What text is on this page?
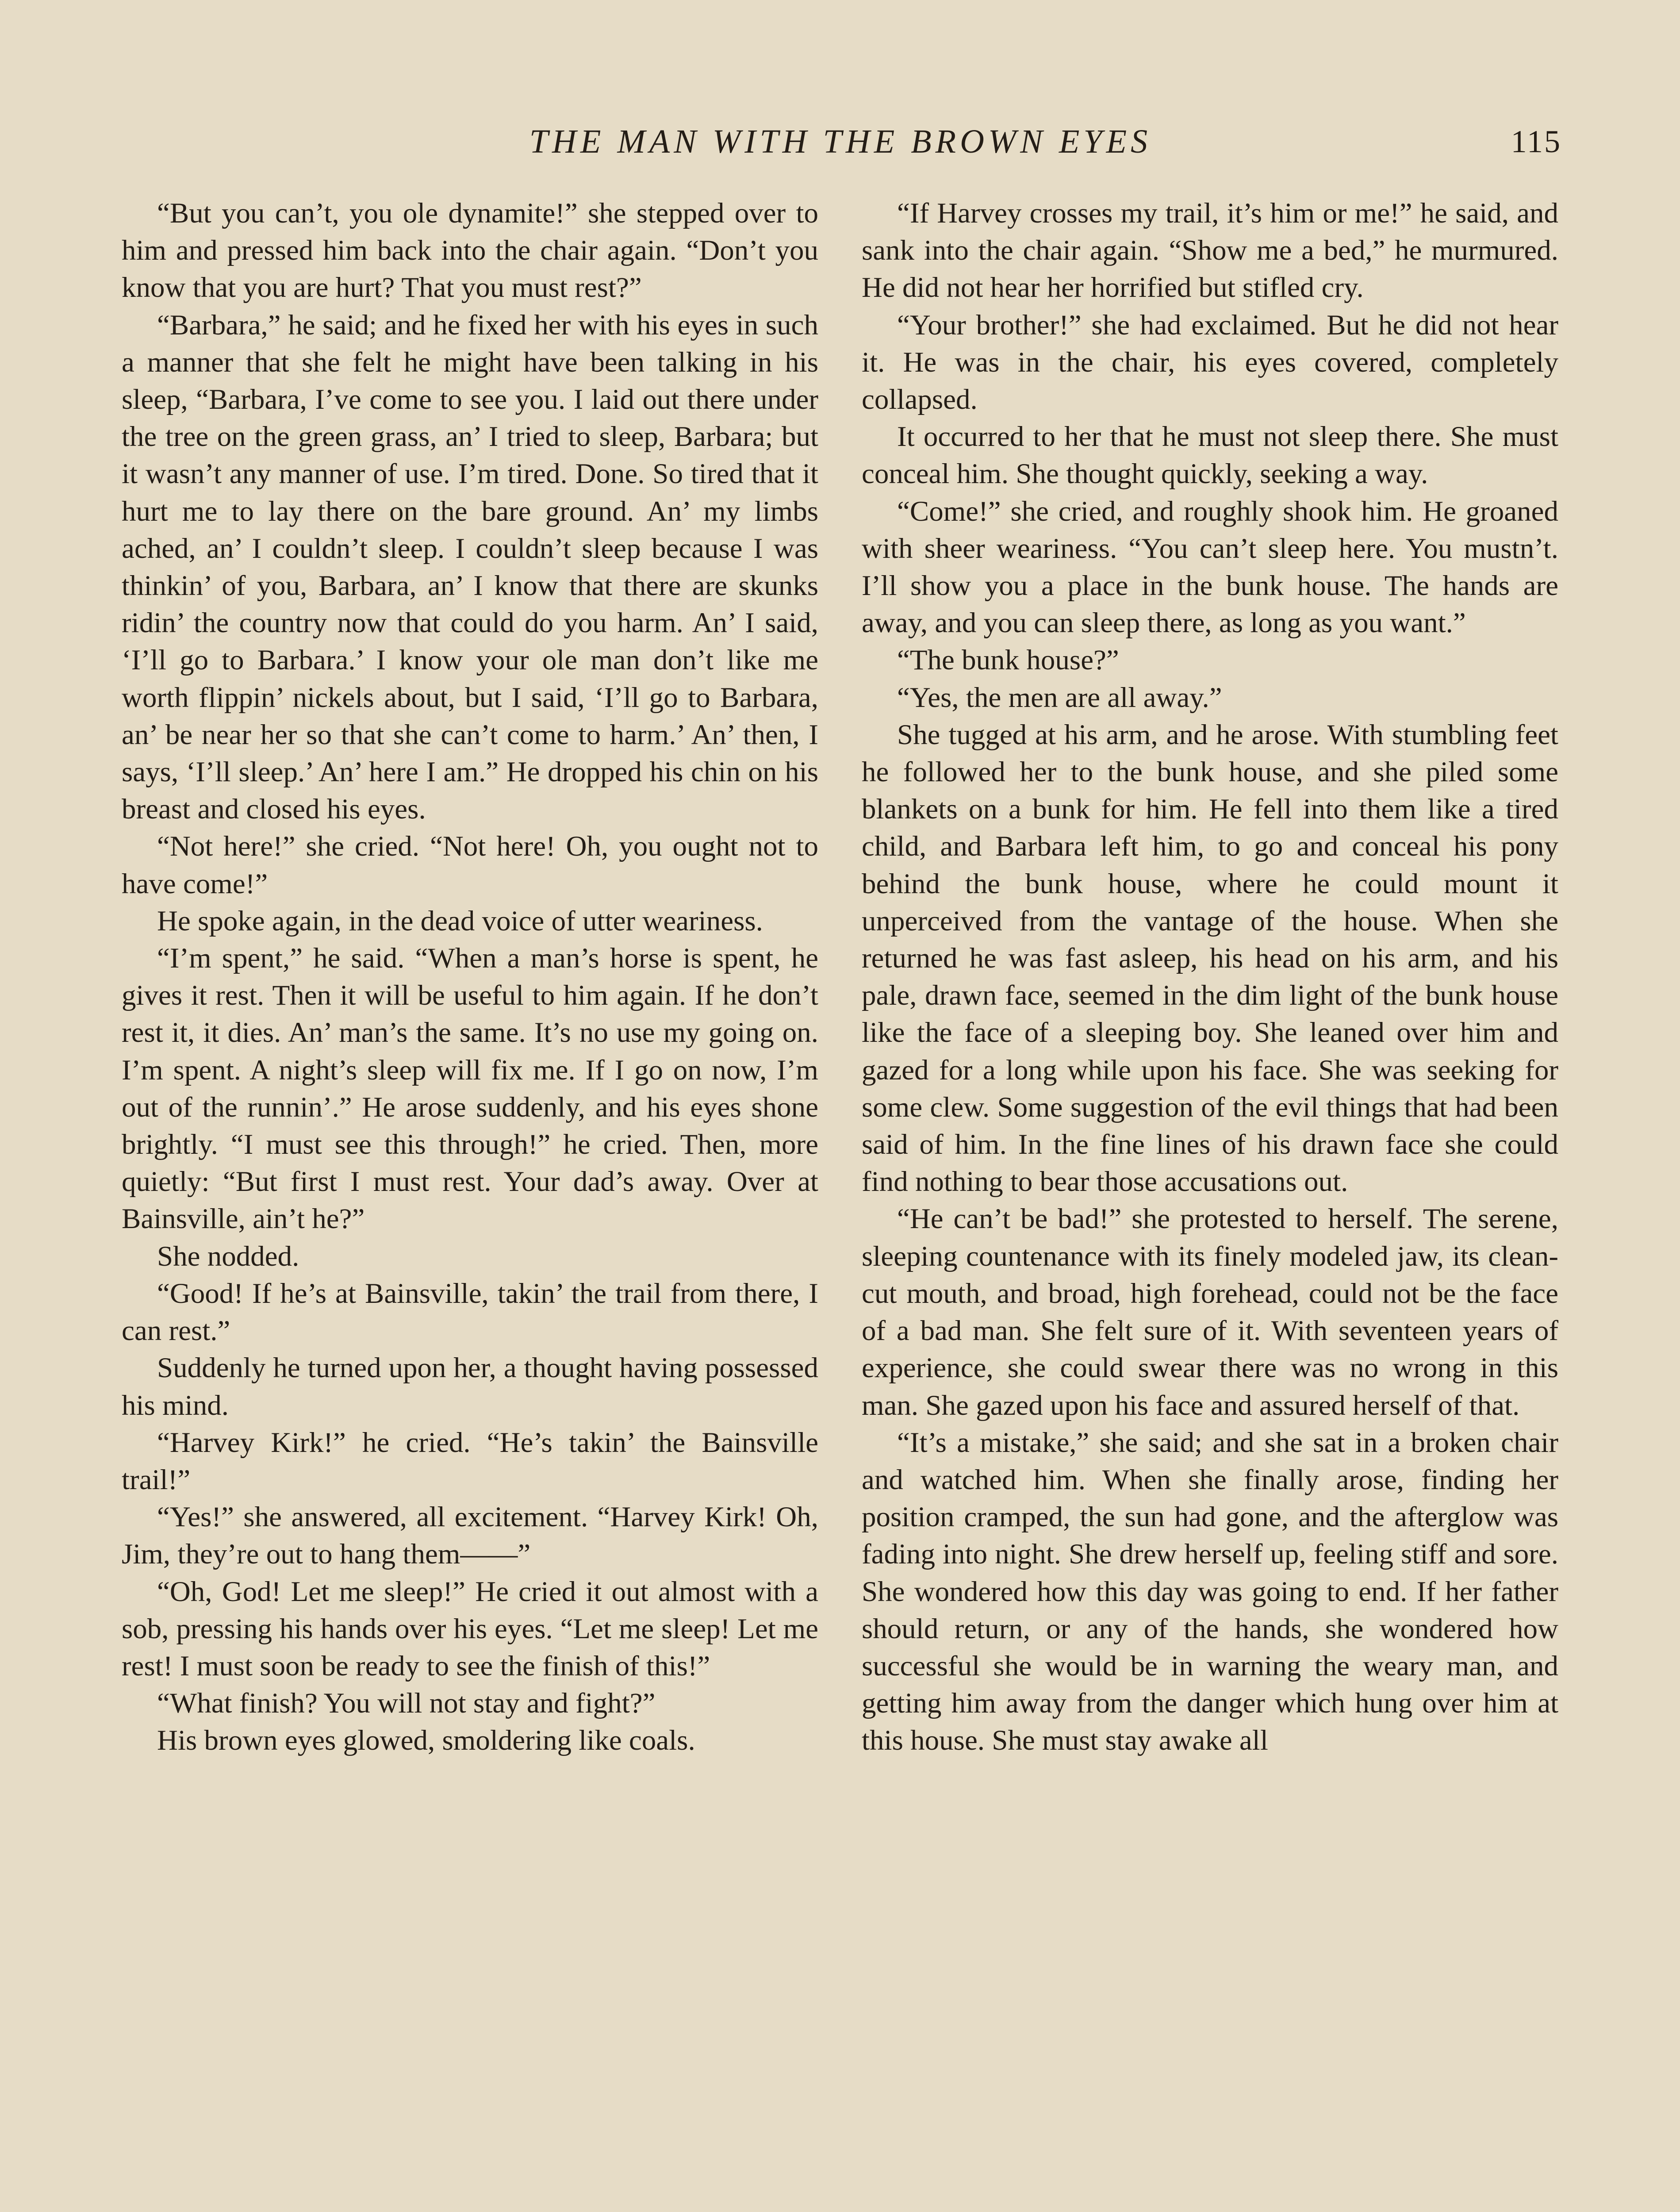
THE MAN WITH THE BROWN EYES	115

“But you can’t, you ole dynamite!” she stepped over to him and pressed him back into the chair again. “Don’t you know that you are hurt? That you must rest?”

“Barbara,” he said; and he fixed her with his eyes in such a manner that she felt he might have been talking in his sleep, “Barbara, I’ve come to see you. I laid out there under the tree on the green grass, an’ I tried to sleep, Barbara; but it wasn’t any manner of use. I’m tired. Done. So tired that it hurt me to lay there on the bare ground. An’ my limbs ached, an’ I couldn’t sleep. I couldn’t sleep because I was thinkin’ of you, Barbara, an’ I know that there are skunks ridin’ the country now that could do you harm. An’ I said, ‘I’ll go to Barbara.’ I know your ole man don’t like me worth flippin’ nickels about, but I said, ‘I’ll go to Barbara, an’ be near her so that she can’t come to harm.’ An’ then, I says, ‘I’ll sleep.’ An’ here I am.” He dropped his chin on his breast and closed his eyes.

“Not here!” she cried. “Not here! Oh, you ought not to have come!”

He spoke again, in the dead voice of utter weariness.

“I’m spent,” he said. “When a man’s horse is spent, he gives it rest. Then it will be useful to him again. If he don’t rest it, it dies. An’ man’s the same. It’s no use my going on. I’m spent. A night’s sleep will fix me. If I go on now, I’m out of the runnin’.” He arose suddenly, and his eyes shone brightly. “I must see this through!” he cried. Then, more quietly: “But first I must rest. Your dad’s away. Over at Bainsville, ain’t he?”

She nodded.

“Good! If he’s at Bainsville, takin’ the trail from there, I can rest.”

Suddenly he turned upon her, a thought having possessed his mind.

“Harvey Kirk!” he cried. “He’s takin’ the Bainsville trail!”

“Yes!” she answered, all excitement. “Harvey Kirk! Oh, Jim, they’re out to hang them——”

“Oh, God! Let me sleep!” He cried it out almost with a sob, pressing his hands over his eyes. “Let me sleep! Let me rest! I must soon be ready to see the finish of this!”

“What finish? You will not stay and fight?”

His brown eyes glowed, smoldering like coals.

“If Harvey crosses my trail, it’s him or me!” he said, and sank into the chair again. “Show me a bed,” he murmured. He did not hear her horrified but stifled cry.

“Your brother!” she had exclaimed. But he did not hear it. He was in the chair, his eyes covered, completely collapsed.

It occurred to her that he must not sleep there. She must conceal him. She thought quickly, seeking a way.

“Come!” she cried, and roughly shook him. He groaned with sheer weariness. “You can’t sleep here. You mustn’t. I’ll show you a place in the bunk house. The hands are away, and you can sleep there, as long as you want.”

“The bunk house?”

“Yes, the men are all away.”

She tugged at his arm, and he arose. With stumbling feet he followed her to the bunk house, and she piled some blankets on a bunk for him. He fell into them like a tired child, and Barbara left him, to go and conceal his pony behind the bunk house, where he could mount it unperceived from the vantage of the house. When she returned he was fast asleep, his head on his arm, and his pale, drawn face, seemed in the dim light of the bunk house like the face of a sleeping boy. She leaned over him and gazed for a long while upon his face. She was seeking for some clew. Some suggestion of the evil things that had been said of him. In the fine lines of his drawn face she could find nothing to bear those accusations out.

“He can’t be bad!” she protested to herself. The serene, sleeping countenance with its finely modeled jaw, its clean-cut mouth, and broad, high forehead, could not be the face of a bad man. She felt sure of it. With seventeen years of experience, she could swear there was no wrong in this man. She gazed upon his face and assured herself of that.

“It’s a mistake,” she said; and she sat in a broken chair and watched him. When she finally arose, finding her position cramped, the sun had gone, and the afterglow was fading into night. She drew herself up, feeling stiff and sore. She wondered how this day was going to end. If her father should return, or any of the hands, she wondered how successful she would be in warning the weary man, and getting him away from the danger which hung over him at this house. She must stay awake all
